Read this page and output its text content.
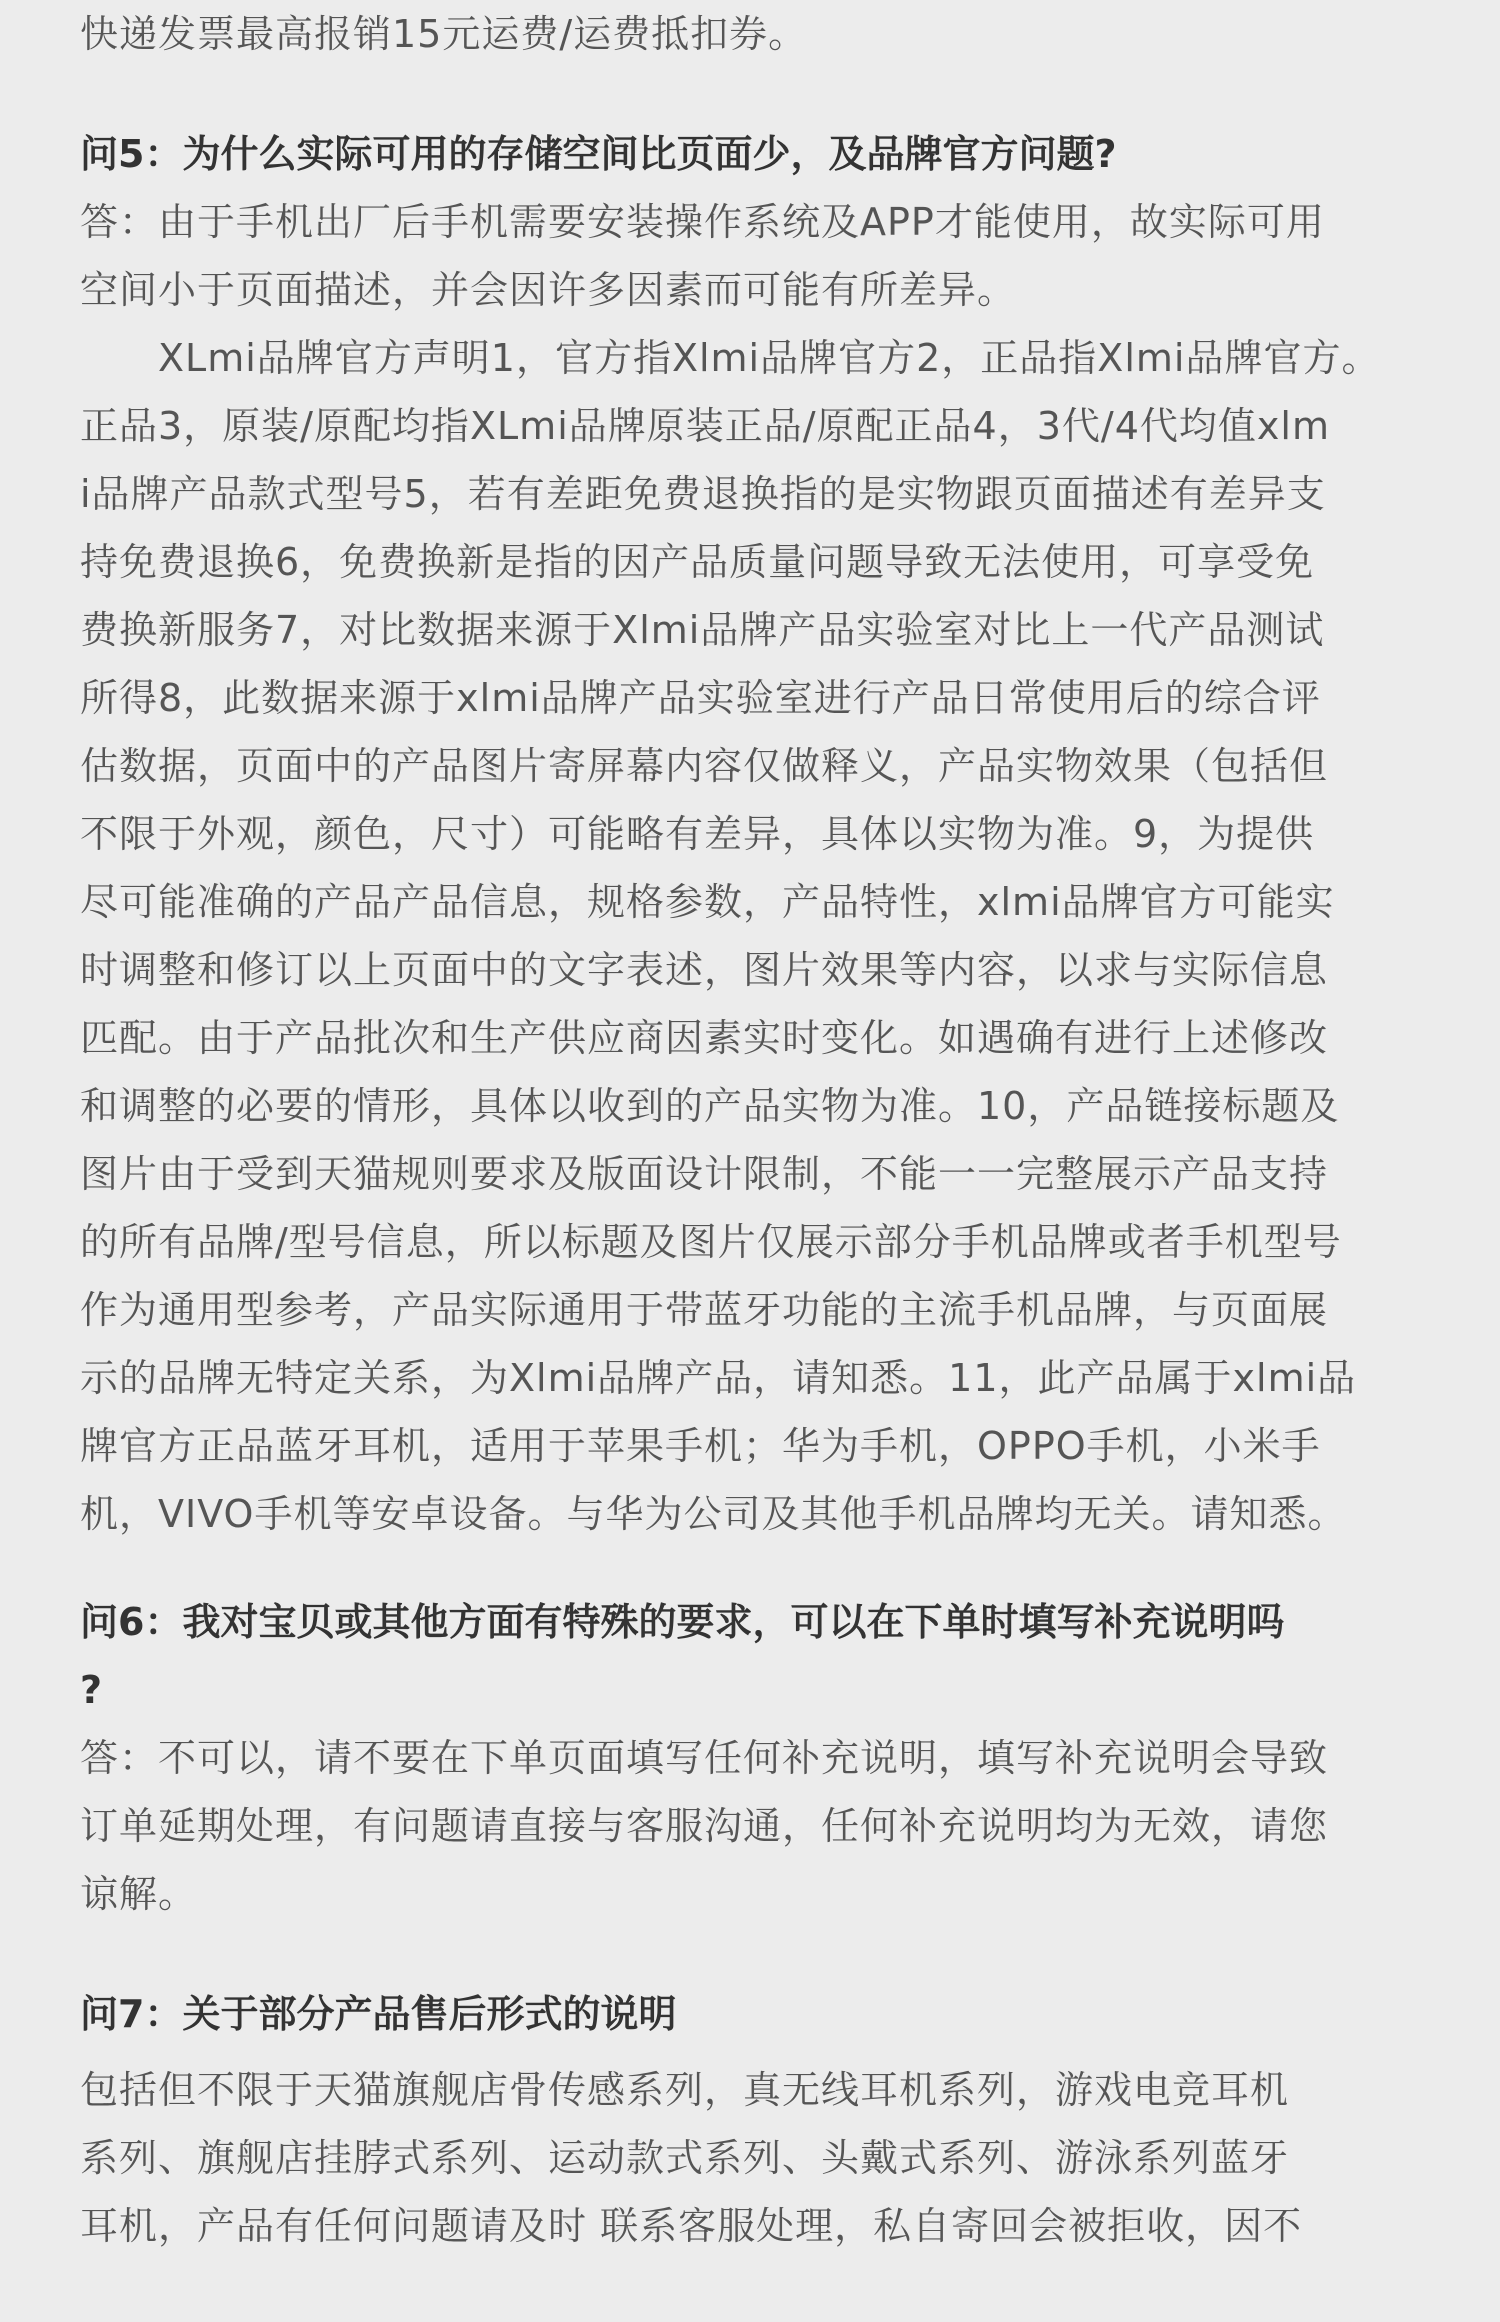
快递发票最高报销15元运费/运费抵扣券。
问5：为什么实际可用的存储空间比页面少，及品牌官方问题?
答：由于手机出厂后手机需要安装操作系统及APP才能使用，故实际可用
空间小于页面描述，并会因许多因素而可能有所差异。
XLmi品牌官方声明1，官方指Xlmi品牌官方2，正品指Xlmi品牌官方。
正品3，原装/原配均指XLmi品牌原装正品/原配正品4，3代/4代均值xlm
i品牌产品款式型号5，若有差距免费退换指的是实物跟页面描述有差异支
持免费退换6，免费换新是指的因产品质量问题导致无法使用，可享受免
费换新服务7，对比数据来源于Xlmi品牌产品实验室对比上一代产品测试
所得8，此数据来源于xlmi品牌产品实验室进行产品日常使用后的综合评
估数据，页面中的产品图片寄屏幕内容仅做释义，产品实物效果（包括但
不限于外观，颜色，尺寸）可能略有差异，具体以实物为准。9，为提供
尽可能准确的产品产品信息，规格参数，产品特性，xlmi品牌官方可能实
时调整和修订以上页面中的文字表述，图片效果等内容，以求与实际信息
匹配。由于产品批次和生产供应商因素实时变化。如遇确有进行上述修改
和调整的必要的情形，具体以收到的产品实物为准。10，产品链接标题及
图片由于受到天猫规则要求及版面设计限制，不能一一完整展示产品支持
的所有品牌/型号信息，所以标题及图片仅展示部分手机品牌或者手机型号
作为通用型参考，产品实际通用于带蓝牙功能的主流手机品牌，与页面展
示的品牌无特定关系，为Xlmi品牌产品，请知悉。11，此产品属于xlmi品
牌官方正品蓝牙耳机，适用于苹果手机；华为手机，OPPO手机，小米手
机，VIVO手机等安卓设备。与华为公司及其他手机品牌均无关。请知悉。
问6：我对宝贝或其他方面有特殊的要求，可以在下单时填写补充说明吗
?
答：不可以，请不要在下单页面填写任何补充说明，填写补充说明会导致
订单延期处理，有问题请直接与客服沟通，任何补充说明均为无效，请您
谅解。
问7：关于部分产品售后形式的说明
包括但不限于天猫旗舰店骨传感系列，真无线耳机系列，游戏电竞耳机
系列、旗舰店挂脖式系列、运动款式系列、头戴式系列、游泳系列蓝牙
耳机，产品有任何问题请及时 联系客服处理，私自寄回会被拒收，因不
